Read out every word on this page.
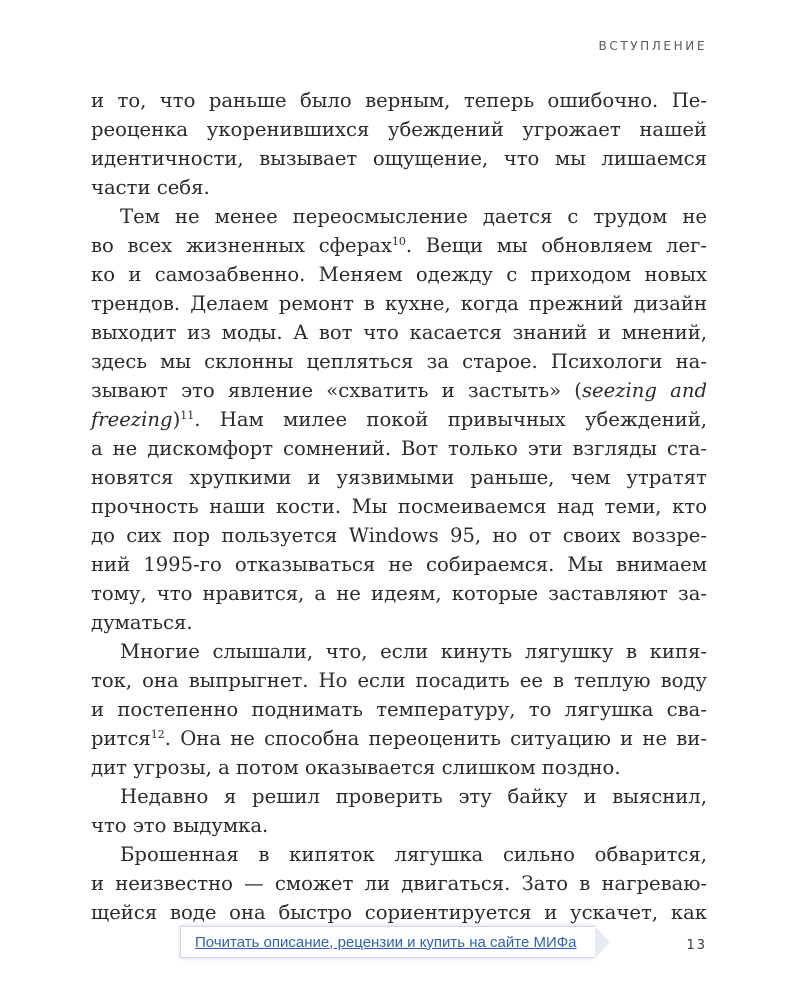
ВСТУПЛЕНИЕ
и то, что раньше было верным, теперь ошибочно. Пе-
реоценка укоренившихся убеждений угрожает нашей
идентичности, вызывает ощущение, что мы лишаемся
части себя.
Тем не менее переосмысление дается с трудом не
во всех жизненных сферах$^{10}$. Вещи мы обновляем лег-
ко и самозабвенно. Меняем одежду с приходом новых
трендов. Делаем ремонт в кухне, когда прежний дизайн
выходит из моды. А вот что касается знаний и мнений,
здесь мы склонны цепляться за старое. Психологи на-
зывают это явление «схватить и застыть» (seezing and
freezing)$^{11}$. Нам милее покой привычных убеждений,
а не дискомфорт сомнений. Вот только эти взгляды ста-
новятся хрупкими и уязвимыми раньше, чем утратят
прочность наши кости. Мы посмеиваемся над теми, кто
до сих пор пользуется Windows 95, но от своих воззре-
ний 1995-го отказываться не собираемся. Мы внимаем
тому, что нравится, а не идеям, которые заставляют за-
думаться.
Многие слышали, что, если кинуть лягушку в кипя-
ток, она выпрыгнет. Но если посадить ее в теплую воду
и постепенно поднимать температуру, то лягушка сва-
рится$^{12}$. Она не способна переоценить ситуацию и не ви-
дит угрозы, а потом оказывается слишком поздно.
Недавно я решил проверить эту байку и выяснил,
что это выдумка.
Брошенная в кипяток лягушка сильно обварится,
и неизвестно — сможет ли двигаться. Зато в нагреваю-
щейся воде она быстро сориентируется и ускачет, как
Почитать описание, рецензии и купить на сайте МИФа	13
